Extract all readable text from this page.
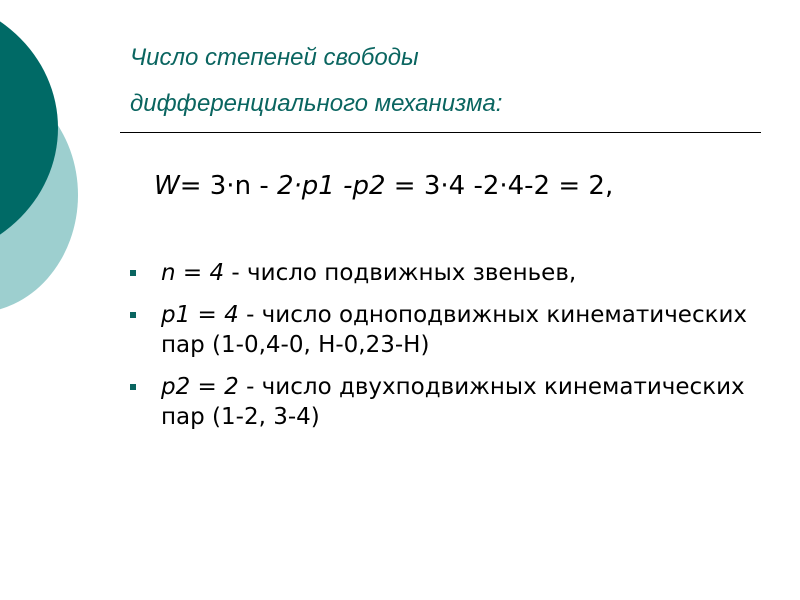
Число степеней свободы
дифференциального механизма:
W= 3·n - 2·p1 -p2 = 3·4 -2·4-2 = 2,
n = 4 - число подвижных звеньев,
p1 = 4 - число одноподвижных кинематических пар (1-0,4-0, H-0,23-H)
p2 = 2 - число двухподвижных кинематических пар (1-2, 3-4)
